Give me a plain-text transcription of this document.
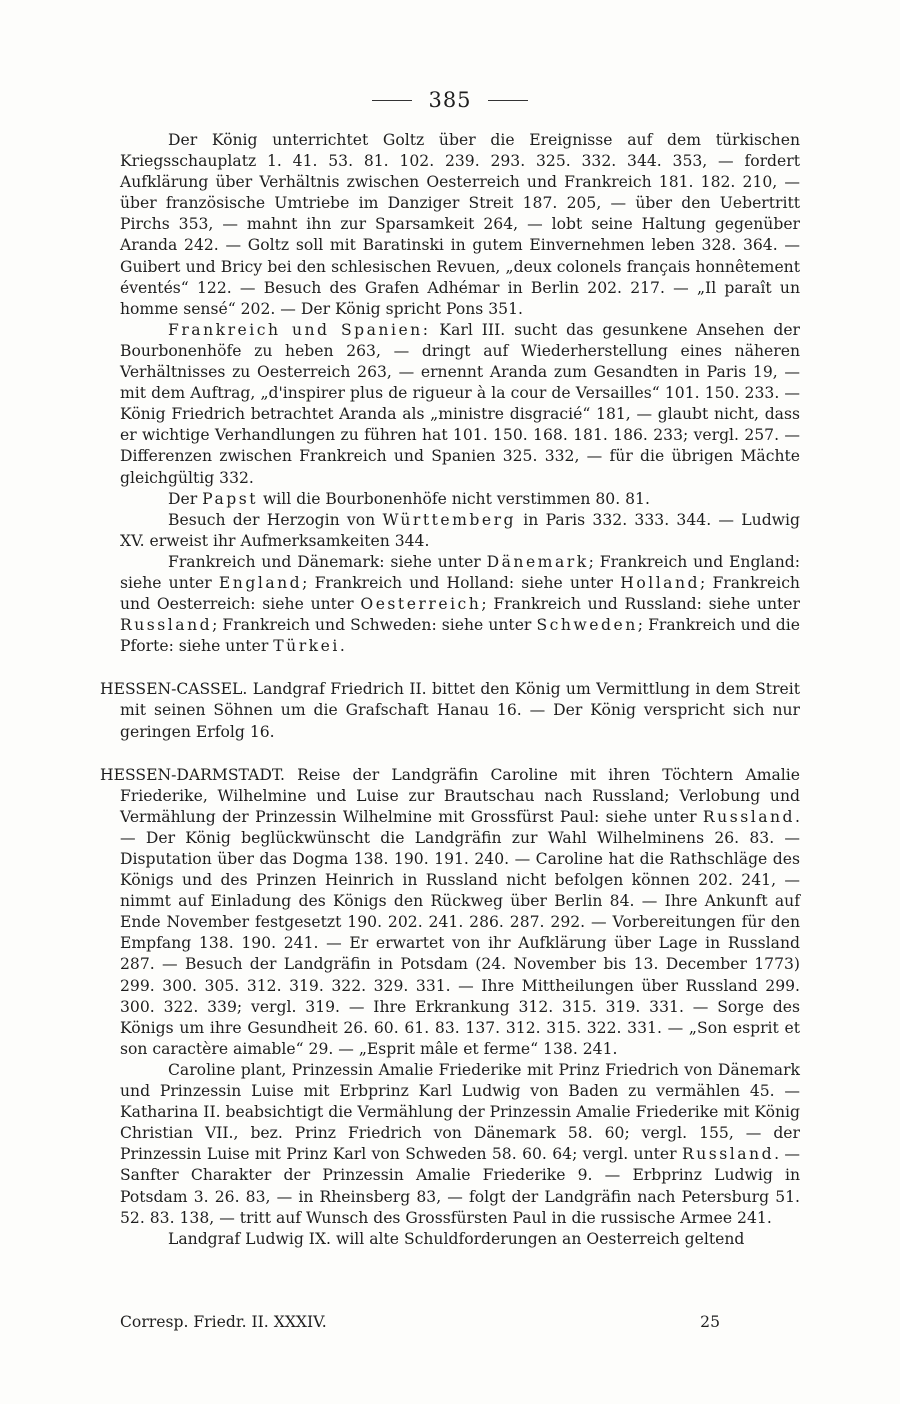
385

Der König unterrichtet Goltz über die Ereignisse auf dem türkischen Kriegsschauplatz 1. 41. 53. 81. 102. 239. 293. 325. 332. 344. 353, — fordert Aufklärung über Verhältnis zwischen Oesterreich und Frankreich 181. 182. 210, — über französische Umtriebe im Danziger Streit 187. 205, — über den Uebertritt Pirchs 353, — mahnt ihn zur Sparsamkeit 264, — lobt seine Haltung gegenüber Aranda 242. — Goltz soll mit Baratinski in gutem Einvernehmen leben 328. 364. — Guibert und Bricy bei den schlesischen Revuen, „deux colonels français honnêtement éventés“ 122. — Besuch des Grafen Adhémar in Berlin 202. 217. — „Il paraît un homme sensé“ 202. — Der König spricht Pons 351.

Frankreich und Spanien: Karl III. sucht das gesunkene Ansehen der Bourbonenhöfe zu heben 263, — dringt auf Wiederherstellung eines näheren Verhältnisses zu Oesterreich 263, — ernennt Aranda zum Gesandten in Paris 19, — mit dem Auftrag, „d'inspirer plus de rigueur à la cour de Versailles“ 101. 150. 233. — König Friedrich betrachtet Aranda als „ministre disgracié“ 181, — glaubt nicht, dass er wichtige Verhandlungen zu führen hat 101. 150. 168. 181. 186. 233; vergl. 257. — Differenzen zwischen Frankreich und Spanien 325. 332, — für die übrigen Mächte gleichgültig 332.

Der Papst will die Bourbonenhöfe nicht verstimmen 80. 81.

Besuch der Herzogin von Württemberg in Paris 332. 333. 344. — Ludwig XV. erweist ihr Aufmerksamkeiten 344.

Frankreich und Dänemark: siehe unter Dänemark; Frankreich und England: siehe unter England; Frankreich und Holland: siehe unter Holland; Frankreich und Oesterreich: siehe unter Oesterreich; Frankreich und Russland: siehe unter Russland; Frankreich und Schweden: siehe unter Schweden; Frankreich und die Pforte: siehe unter Türkei.

HESSEN-CASSEL. Landgraf Friedrich II. bittet den König um Vermittlung in dem Streit mit seinen Söhnen um die Grafschaft Hanau 16. — Der König verspricht sich nur geringen Erfolg 16.

HESSEN-DARMSTADT. Reise der Landgräfin Caroline mit ihren Töchtern Amalie Friederike, Wilhelmine und Luise zur Brautschau nach Russland; Verlobung und Vermählung der Prinzessin Wilhelmine mit Grossfürst Paul: siehe unter Russland. — Der König beglückwünscht die Landgräfin zur Wahl Wilhelminens 26. 83. — Disputation über das Dogma 138. 190. 191. 240. — Caroline hat die Rathschläge des Königs und des Prinzen Heinrich in Russland nicht befolgen können 202. 241, — nimmt auf Einladung des Königs den Rückweg über Berlin 84. — Ihre Ankunft auf Ende November festgesetzt 190. 202. 241. 286. 287. 292. — Vorbereitungen für den Empfang 138. 190. 241. — Er erwartet von ihr Aufklärung über Lage in Russland 287. — Besuch der Landgräfin in Potsdam (24. November bis 13. December 1773) 299. 300. 305. 312. 319. 322. 329. 331. — Ihre Mittheilungen über Russland 299. 300. 322. 339; vergl. 319. — Ihre Erkrankung 312. 315. 319. 331. — Sorge des Königs um ihre Gesundheit 26. 60. 61. 83. 137. 312. 315. 322. 331. — „Son esprit et son caractère aimable“ 29. — „Esprit mâle et ferme“ 138. 241.

Caroline plant, Prinzessin Amalie Friederike mit Prinz Friedrich von Dänemark und Prinzessin Luise mit Erbprinz Karl Ludwig von Baden zu vermählen 45. — Katharina II. beabsichtigt die Vermählung der Prinzessin Amalie Friederike mit König Christian VII., bez. Prinz Friedrich von Dänemark 58. 60; vergl. 155, — der Prinzessin Luise mit Prinz Karl von Schweden 58. 60. 64; vergl. unter Russland. — Sanfter Charakter der Prinzessin Amalie Friederike 9. — Erbprinz Ludwig in Potsdam 3. 26. 83, — in Rheinsberg 83, — folgt der Landgräfin nach Petersburg 51. 52. 83. 138, — tritt auf Wunsch des Grossfürsten Paul in die russische Armee 241.

Landgraf Ludwig IX. will alte Schuldforderungen an Oesterreich geltend

Corresp. Friedr. II. XXXIV.	25
